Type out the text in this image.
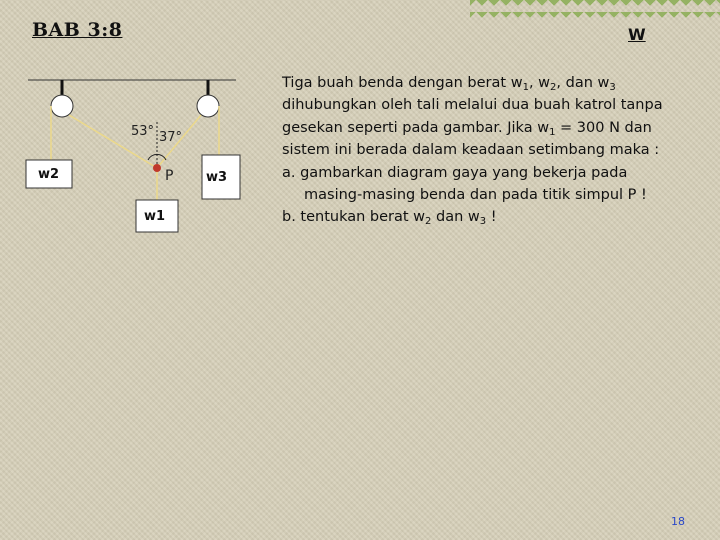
BAB 3:8	W
53° 37°
P
w2
w1
w3
Tiga buah benda dengan berat $w_1$, $w_2$, dan $w_3$
dihubungkan oleh tali melalui dua buah katrol tanpa
gesekan seperti pada gambar. Jika $w_1 = 300$ N dan
sistem ini berada dalam keadaan setimbang maka :
a. gambarkan diagram gaya yang bekerja pada
masing-masing benda dan pada titik simpul P !
b. tentukan berat $w_2$ dan $w_3$ !
18
